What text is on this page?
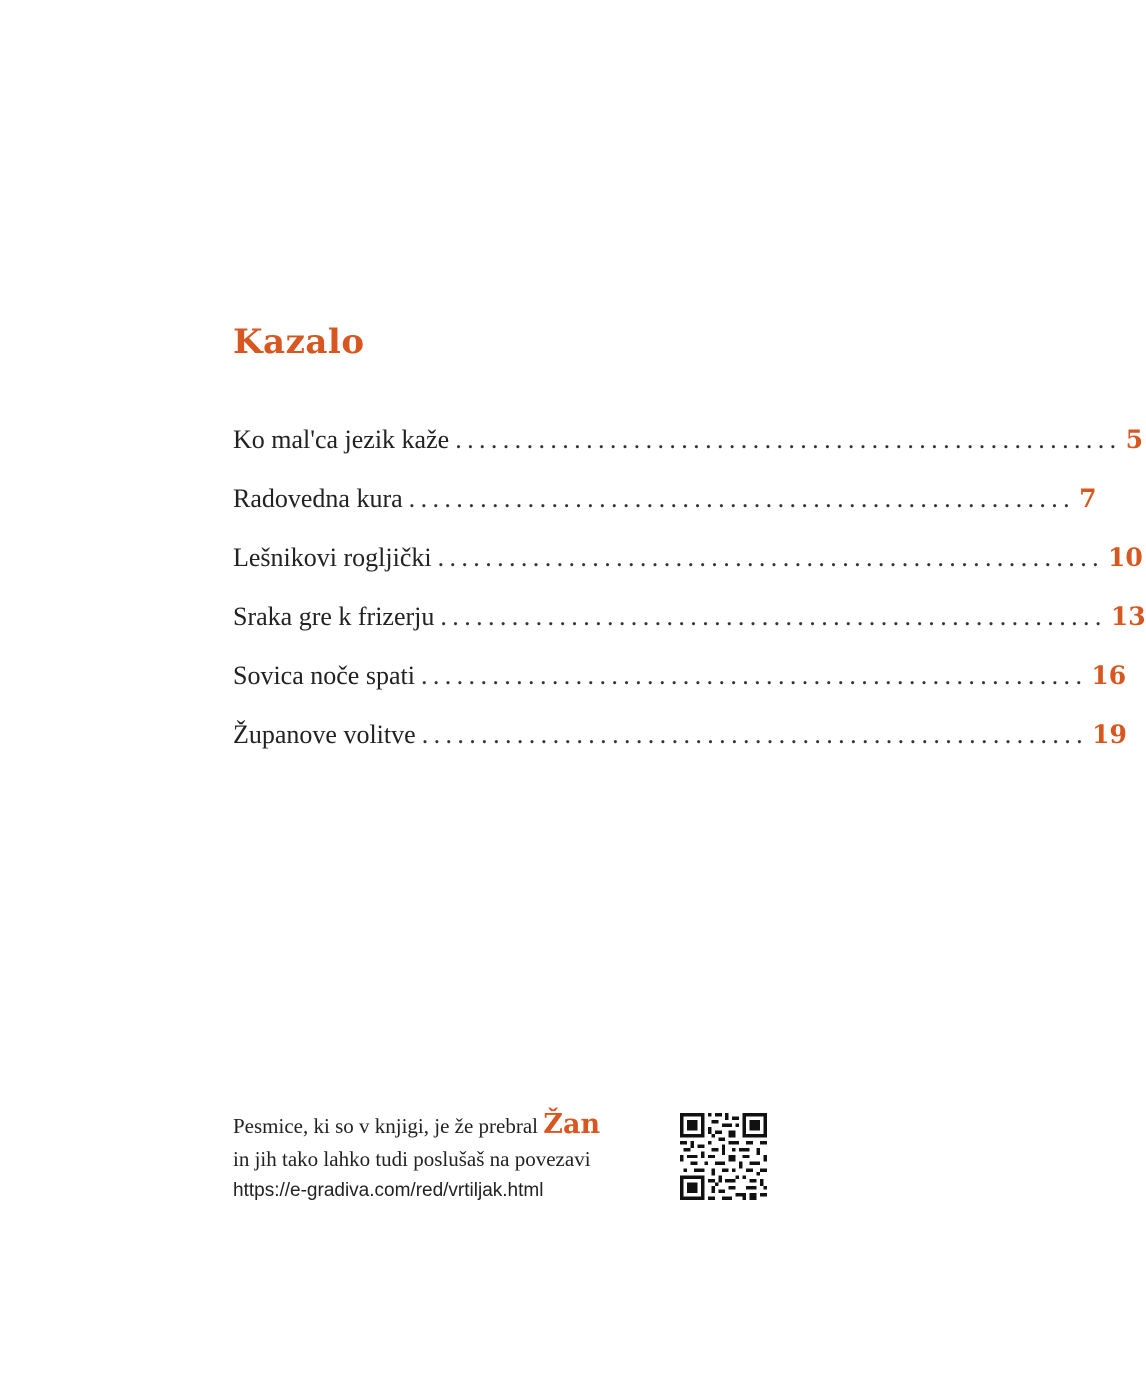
Kazalo
Ko mal'ca jezik kaže ........................................................ 5
Radovedna kura ........................................................ 7
Lešnikovi rogljički ........................................................ 10
Sraka gre k frizerju ........................................................ 13
Sovica noče spati ........................................................ 16
Županove volitve ........................................................ 19
Pesmice, ki so v knjigi, je že prebral Žan
in jih tako lahko tudi poslušaš na povezavi
https://e-gradiva.com/red/vrtiljak.html
